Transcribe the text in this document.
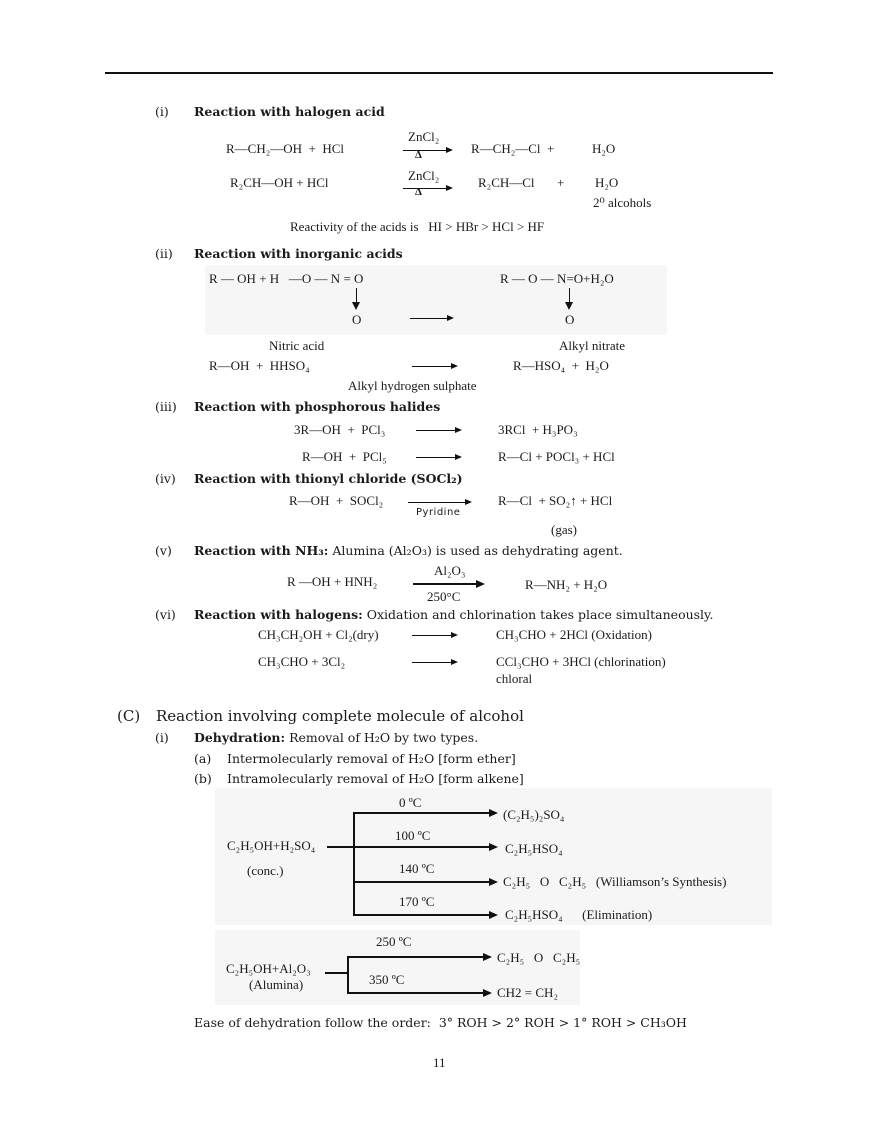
(i) Reaction with halogen acid
R—CH₂—OH  +  HCl
ZnCl₂
Δ	R—CH₂—Cl  +	H₂O
R₂CH—OH + HCl	ZnCl₂
Δ
R₂CH—Cl + H₂O
2⁰ alcohols
Reactivity of the acids is   HI > HBr > HCl > HF
(ii) Reaction with inorganic acids
R — OH + H   —O — N = O
O
R — O — N=O+H₂O
O
Nitric acid	Alkyl nitrate
R—OH  +  HHSO₄	R—HSO₄  +  H₂O
Alkyl hydrogen sulphate
(iii) Reaction with phosphorous halides
3R—OH  +  PCl₃	3RCl  + H₃PO₃
R—OH  +  PCl₅	R—Cl + POCl₃ + HCl
(iv) Reaction with thionyl chloride (SOCl₂)
R—OH  +  SOCl₂
Pyridine
R—Cl  + SO₂↑ + HCl
(gas)
(v) Reaction with NH₃: Alumina (Al₂O₃) is used as dehydrating agent.
R —OH + HNH₂
Al₂O₃
250°C
R—NH₂ + H₂O
(vi) Reaction with halogens: Oxidation and chlorination takes place simultaneously.
CH₃CH₂OH + Cl₂(dry)	CH₃CHO + 2HCl (Oxidation)
CH₃CHO + 3Cl₂	CCl₃CHO + 3HCl (chlorination)
chloral
(C) Reaction involving complete molecule of alcohol
(i) Dehydration: Removal of H₂O by two types.
(a) Intermolecularly removal of H₂O [form ether]
(b) Intramolecularly removal of H₂O [form alkene]
C₂H₅OH+H₂SO₄
(conc.)
0 ºC
100 ºC
140 ºC
170 ºC
(C₂H₅)₂SO₄
C₂H₅HSO₄
C₂H₅   O   C₂H₅   (Williamson’s Synthesis)
C₂H₅HSO₄      (Elimination)
C₂H₅OH+Al₂O₃
(Alumina)
250 ºC
350 ºC
C₂H₅   O   C₂H₅
CH2 = CH₂
Ease of dehydration follow the order:  3° ROH > 2° ROH > 1° ROH > CH₃OH
11
